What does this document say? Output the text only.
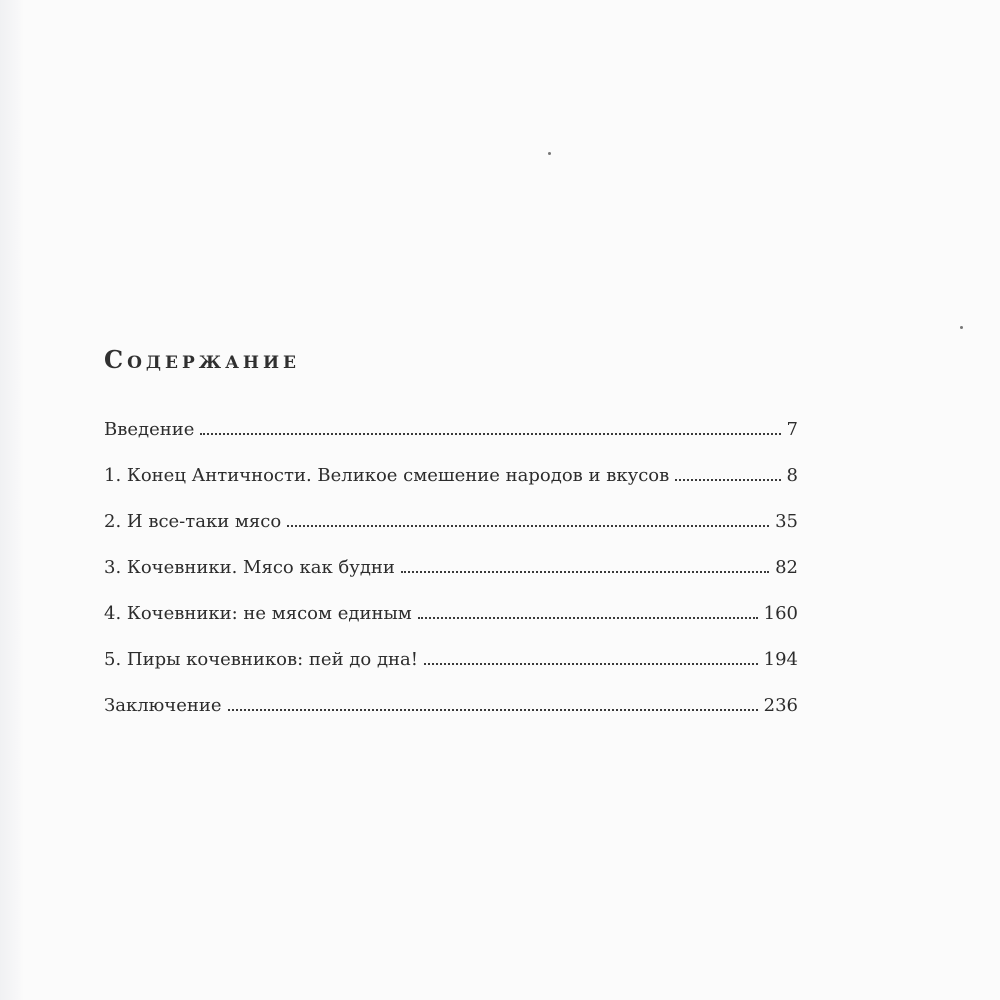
Содержание
Введение	7
1. Конец Античности. Великое смешение народов и вкусов	8
2. И все-таки мясо	35
3. Кочевники. Мясо как будни	82
4. Кочевники: не мясом единым	160
5. Пиры кочевников: пей до дна!	194
Заключение	236
